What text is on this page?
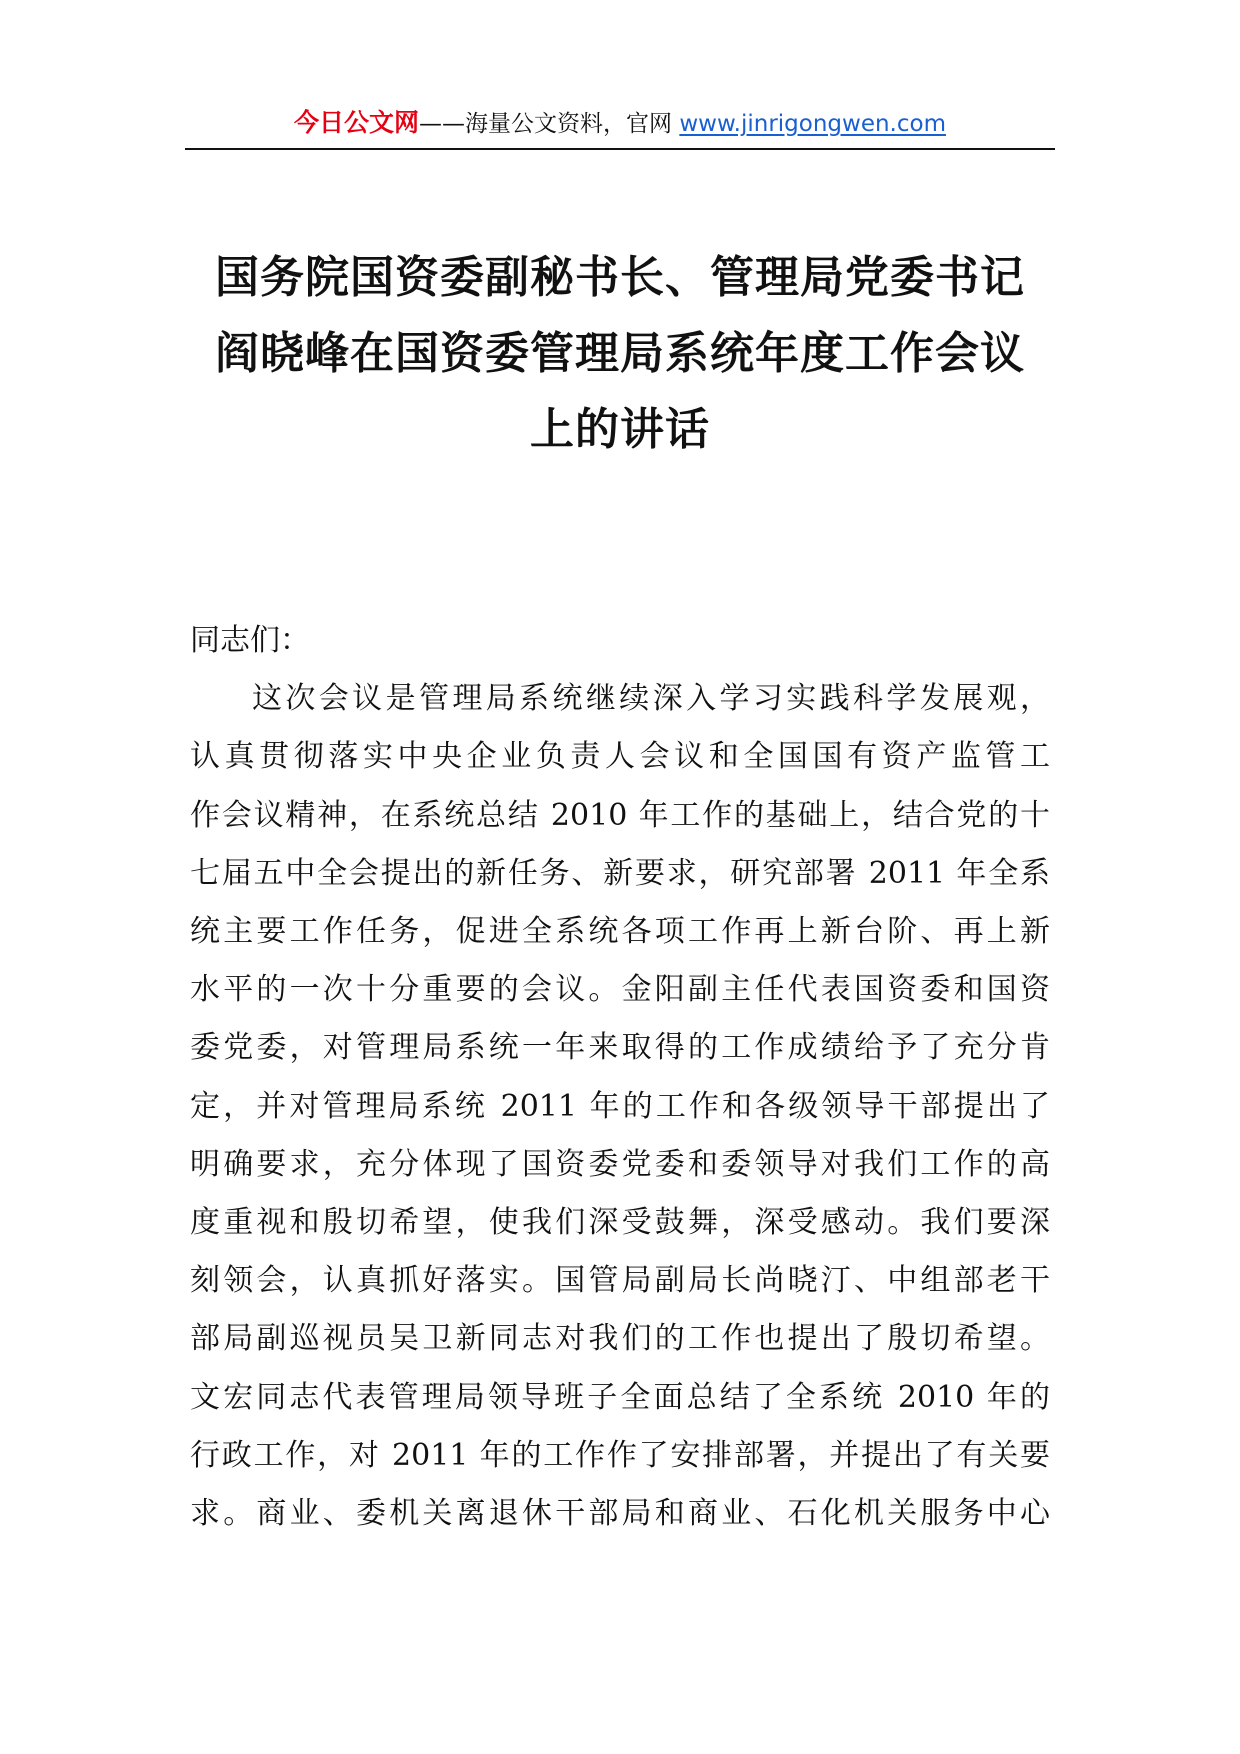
今日公文网——海量公文资料，官网 www.jinrigongwen.com
国务院国资委副秘书长、管理局党委书记
阎晓峰在国资委管理局系统年度工作会议
上的讲话
同志们：
这次会议是管理局系统继续深入学习实践科学发展观，
认真贯彻落实中央企业负责人会议和全国国有资产监管工
作会议精神，在系统总结 2010 年工作的基础上，结合党的十
七届五中全会提出的新任务、新要求，研究部署 2011 年全系
统主要工作任务，促进全系统各项工作再上新台阶、再上新
水平的一次十分重要的会议。金阳副主任代表国资委和国资
委党委，对管理局系统一年来取得的工作成绩给予了充分肯
定，并对管理局系统 2011 年的工作和各级领导干部提出了
明确要求，充分体现了国资委党委和委领导对我们工作的高
度重视和殷切希望，使我们深受鼓舞，深受感动。我们要深
刻领会，认真抓好落实。国管局副局长尚晓汀、中组部老干
部局副巡视员吴卫新同志对我们的工作也提出了殷切希望。
文宏同志代表管理局领导班子全面总结了全系统 2010 年的
行政工作，对 2011 年的工作作了安排部署，并提出了有关要
求。商业、委机关离退休干部局和商业、石化机关服务中心
